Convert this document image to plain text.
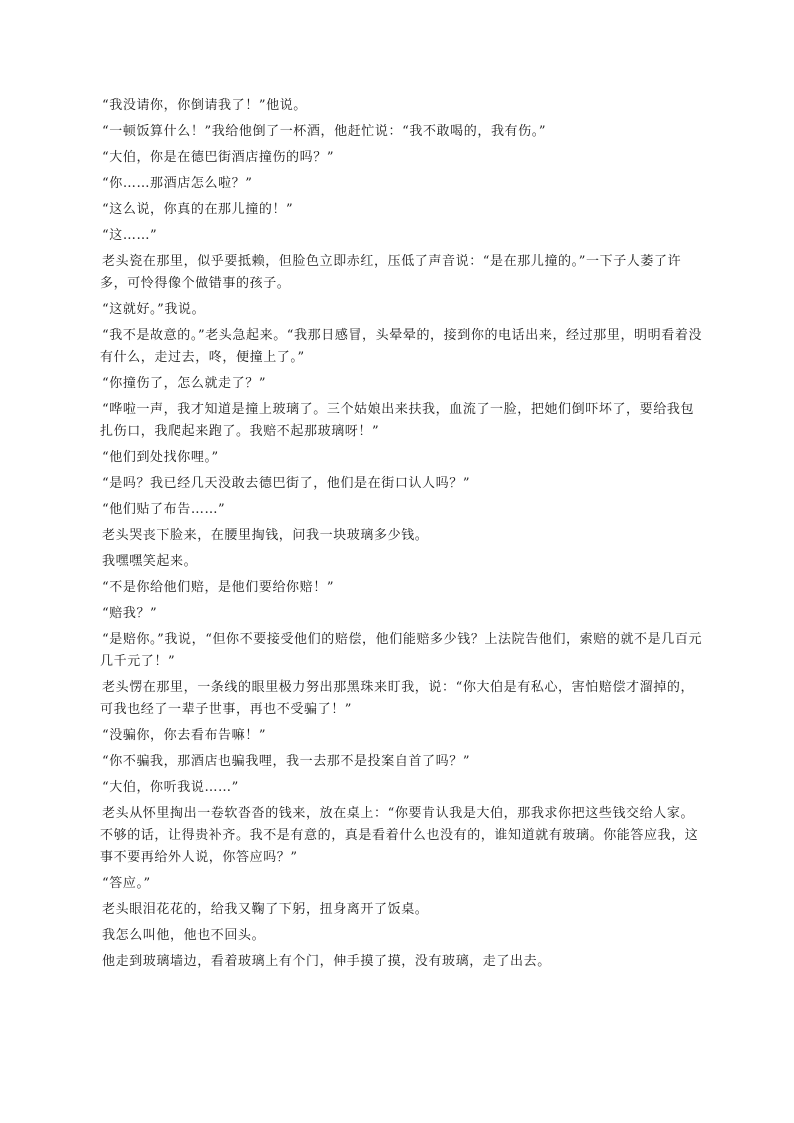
“我没请你，你倒请我了！”他说。

“一顿饭算什么！”我给他倒了一杯酒，他赶忙说：“我不敢喝的，我有伤。”

“大伯，你是在德巴街酒店撞伤的吗？”

“你……那酒店怎么啦？”

“这么说，你真的在那儿撞的！”

“这……”

老头瓷在那里，似乎要抵赖，但脸色立即赤红，压低了声音说：“是在那儿撞的。”一下子人萎了许多，可怜得像个做错事的孩子。

“这就好。”我说。

“我不是故意的。”老头急起来。“我那日感冒，头晕晕的，接到你的电话出来，经过那里，明明看着没有什么，走过去，咚，便撞上了。”

“你撞伤了，怎么就走了？”

“哗啦一声，我才知道是撞上玻璃了。三个姑娘出来扶我，血流了一脸，把她们倒吓坏了，要给我包扎伤口，我爬起来跑了。我赔不起那玻璃呀！”

“他们到处找你哩。”

“是吗？我已经几天没敢去德巴街了，他们是在街口认人吗？”

“他们贴了布告……”

老头哭丧下脸来，在腰里掏钱，问我一块玻璃多少钱。

我嘿嘿笑起来。

“不是你给他们赔，是他们要给你赔！”

“赔我？”

“是赔你。”我说，“但你不要接受他们的赔偿，他们能赔多少钱？上法院告他们，索赔的就不是几百元几千元了！”

老头愣在那里，一条线的眼里极力努出那黑珠来盯我，说：“你大伯是有私心，害怕赔偿才溜掉的，可我也经了一辈子世事，再也不受骗了！”

“没骗你，你去看布告嘛！”

“你不骗我，那酒店也骗我哩，我一去那不是投案自首了吗？”

“大伯，你听我说……”

老头从怀里掏出一卷软沓沓的钱来，放在桌上：“你要肯认我是大伯，那我求你把这些钱交给人家。不够的话，让得贵补齐。我不是有意的，真是看着什么也没有的，谁知道就有玻璃。你能答应我，这事不要再给外人说，你答应吗？”

“答应。”

老头眼泪花花的，给我又鞠了下躬，扭身离开了饭桌。

我怎么叫他，他也不回头。

他走到玻璃墙边，看着玻璃上有个门，伸手摸了摸，没有玻璃，走了出去。
